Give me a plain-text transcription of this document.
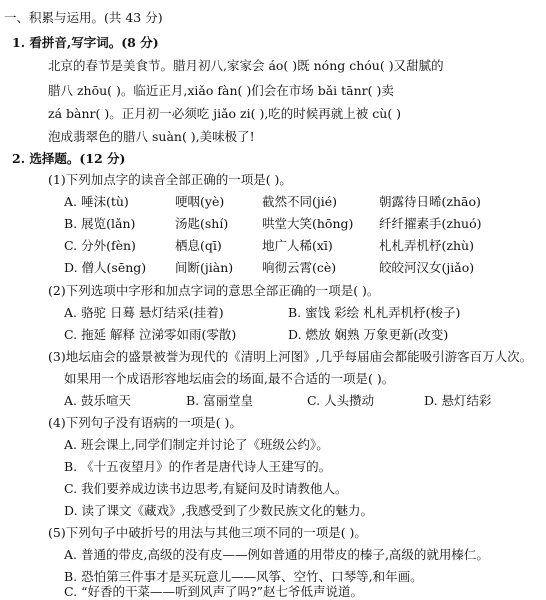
一、积累与运用。(共 43 分)
1. 看拼音,写字词。(8 分)
北京的春节是美食节。腊月初八,家家会 áo( )既 nóng chóu( )又甜腻的
腊八 zhōu( )。临近正月,xiǎo fàn( )们会在市场 bǎi tānr( )卖
zá bànr( )。正月初一必须吃 jiǎo zi( ),吃的时候再就上被 cù( )
泡成翡翠色的腊八 suàn( ),美味极了!
2. 选择题。(12 分)
(1)下列加点字的读音全部正确的一项是( )。
A. 唾沫(tù)	哽咽(yè)	截然不同(jié)	朝露待日晞(zhāo)
B. 展览(lǎn)	汤匙(shí)	哄堂大笑(hōng) 纤纤擢素手(zhuó)
C. 分外(fèn)	栖息(qī)	地广人稀(xī)	札札弄机杼(zhù)
D. 僧人(sēng) 间断(jiàn) 响彻云霄(cè)	皎皎河汉女(jiǎo)
(2)下列选项中字形和加点字词的意思全部正确的一项是( )。
A. 骆驼 日蓦 悬灯结采(挂着)	B. 蜜饯 彩绘 札札弄机杼(梭子)
C. 拖延 解释 泣涕零如雨(零散)	D. 燃放 娴熟 万象更新(改变)
(3)地坛庙会的盛景被誉为现代的《清明上河图》,几乎每届庙会都能吸引游客百万人次。
如果用一个成语形容地坛庙会的场面,最不合适的一项是( )。
A. 鼓乐喧天	B. 富丽堂皇	C. 人头攒动	D. 悬灯结彩
(4)下列句子没有语病的一项是( )。
A. 班会课上,同学们制定并讨论了《班级公约》。
B. 《十五夜望月》的作者是唐代诗人王建写的。
C. 我们要养成边读书边思考,有疑问及时请教他人。
D. 读了课文《藏戏》,我感受到了少数民族文化的魅力。
(5)下列句子中破折号的用法与其他三项不同的一项是( )。
A. 普通的带皮,高级的没有皮——例如普通的用带皮的榛子,高级的就用榛仁。
B. 恐怕第三件事才是买玩意儿——风筝、空竹、口琴等,和年画。
C. “好香的干菜——听到风声了吗?”赵七爷低声说道。
